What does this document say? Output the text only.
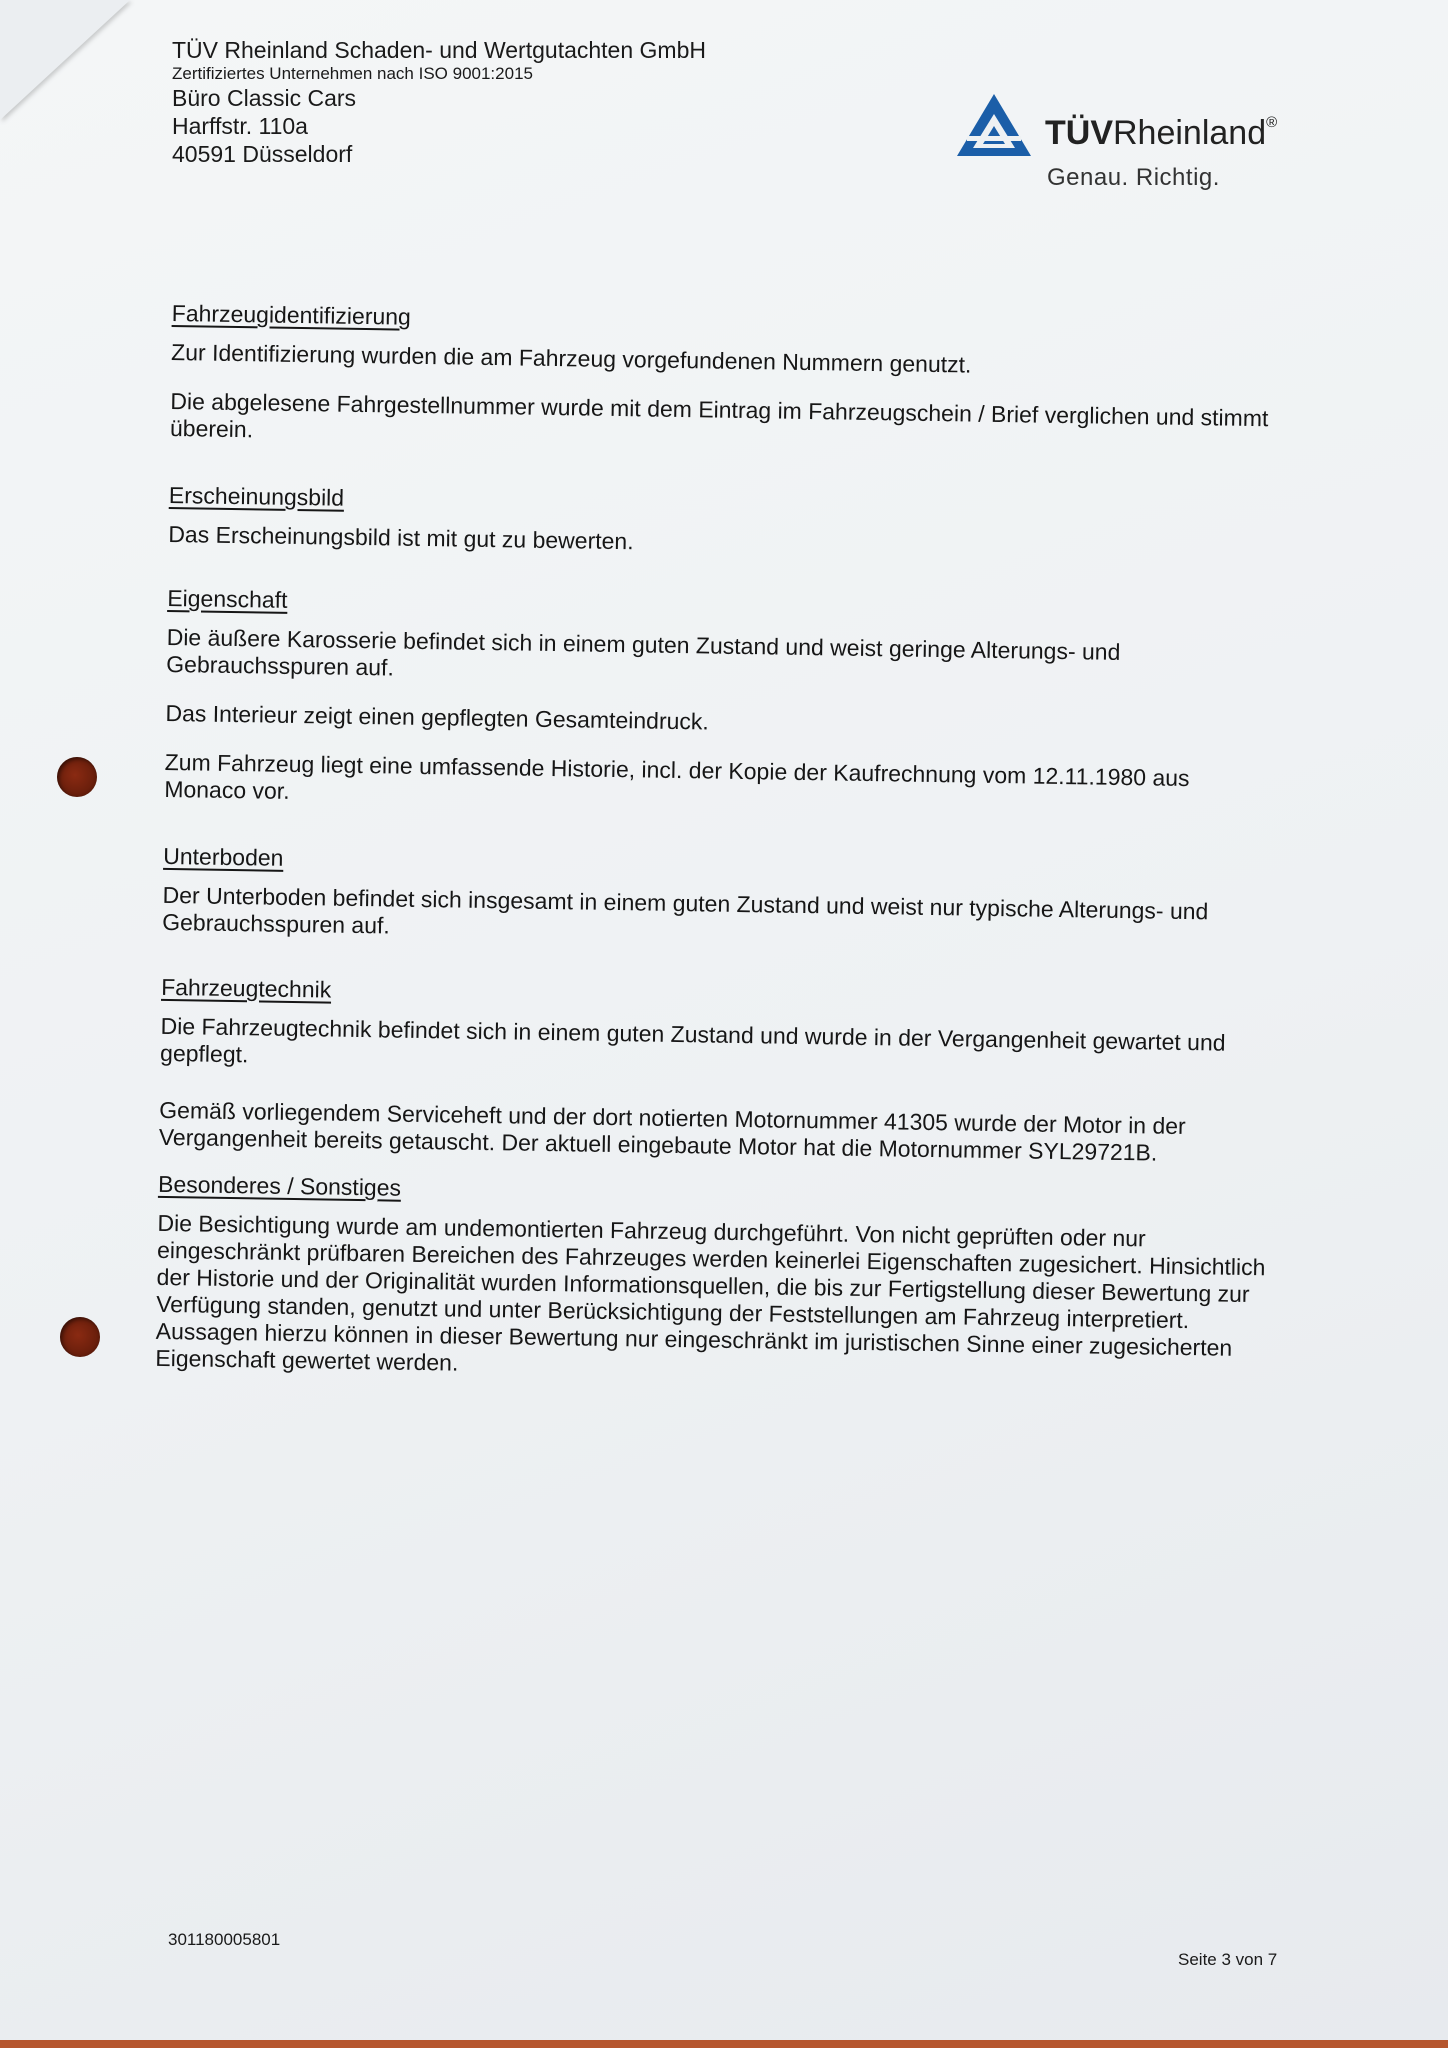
TÜV Rheinland Schaden- und Wertgutachten GmbH
Zertifiziertes Unternehmen nach ISO 9001:2015
Büro Classic Cars
Harffstr. 110a
40591 Düsseldorf
TÜVRheinland®
Genau. Richtig.
Fahrzeugidentifizierung

Zur Identifizierung wurden die am Fahrzeug vorgefundenen Nummern genutzt.

Die abgelesene Fahrgestellnummer wurde mit dem Eintrag im Fahrzeugschein / Brief verglichen und stimmt überein.

Erscheinungsbild

Das Erscheinungsbild ist mit gut zu bewerten.

Eigenschaft

Die äußere Karosserie befindet sich in einem guten Zustand und weist geringe Alterungs- und Gebrauchsspuren auf.

Das Interieur zeigt einen gepflegten Gesamteindruck.

Zum Fahrzeug liegt eine umfassende Historie, incl. der Kopie der Kaufrechnung vom 12.11.1980 aus Monaco vor.

Unterboden

Der Unterboden befindet sich insgesamt in einem guten Zustand und weist nur typische Alterungs- und Gebrauchsspuren auf.

Fahrzeugtechnik

Die Fahrzeugtechnik befindet sich in einem guten Zustand und wurde in der Vergangenheit gewartet und gepflegt.

Gemäß vorliegendem Serviceheft und der dort notierten Motornummer 41305 wurde der Motor in der Vergangenheit bereits getauscht. Der aktuell eingebaute Motor hat die Motornummer SYL29721B.

Besonderes / Sonstiges

Die Besichtigung wurde am undemontierten Fahrzeug durchgeführt. Von nicht geprüften oder nur eingeschränkt prüfbaren Bereichen des Fahrzeuges werden keinerlei Eigenschaften zugesichert. Hinsichtlich der Historie und der Originalität wurden Informationsquellen, die bis zur Fertigstellung dieser Bewertung zur Verfügung standen, genutzt und unter Berücksichtigung der Feststellungen am Fahrzeug interpretiert. Aussagen hierzu können in dieser Bewertung nur eingeschränkt im juristischen Sinne einer zugesicherten Eigenschaft gewertet werden.

301180005801
Seite 3 von 7
